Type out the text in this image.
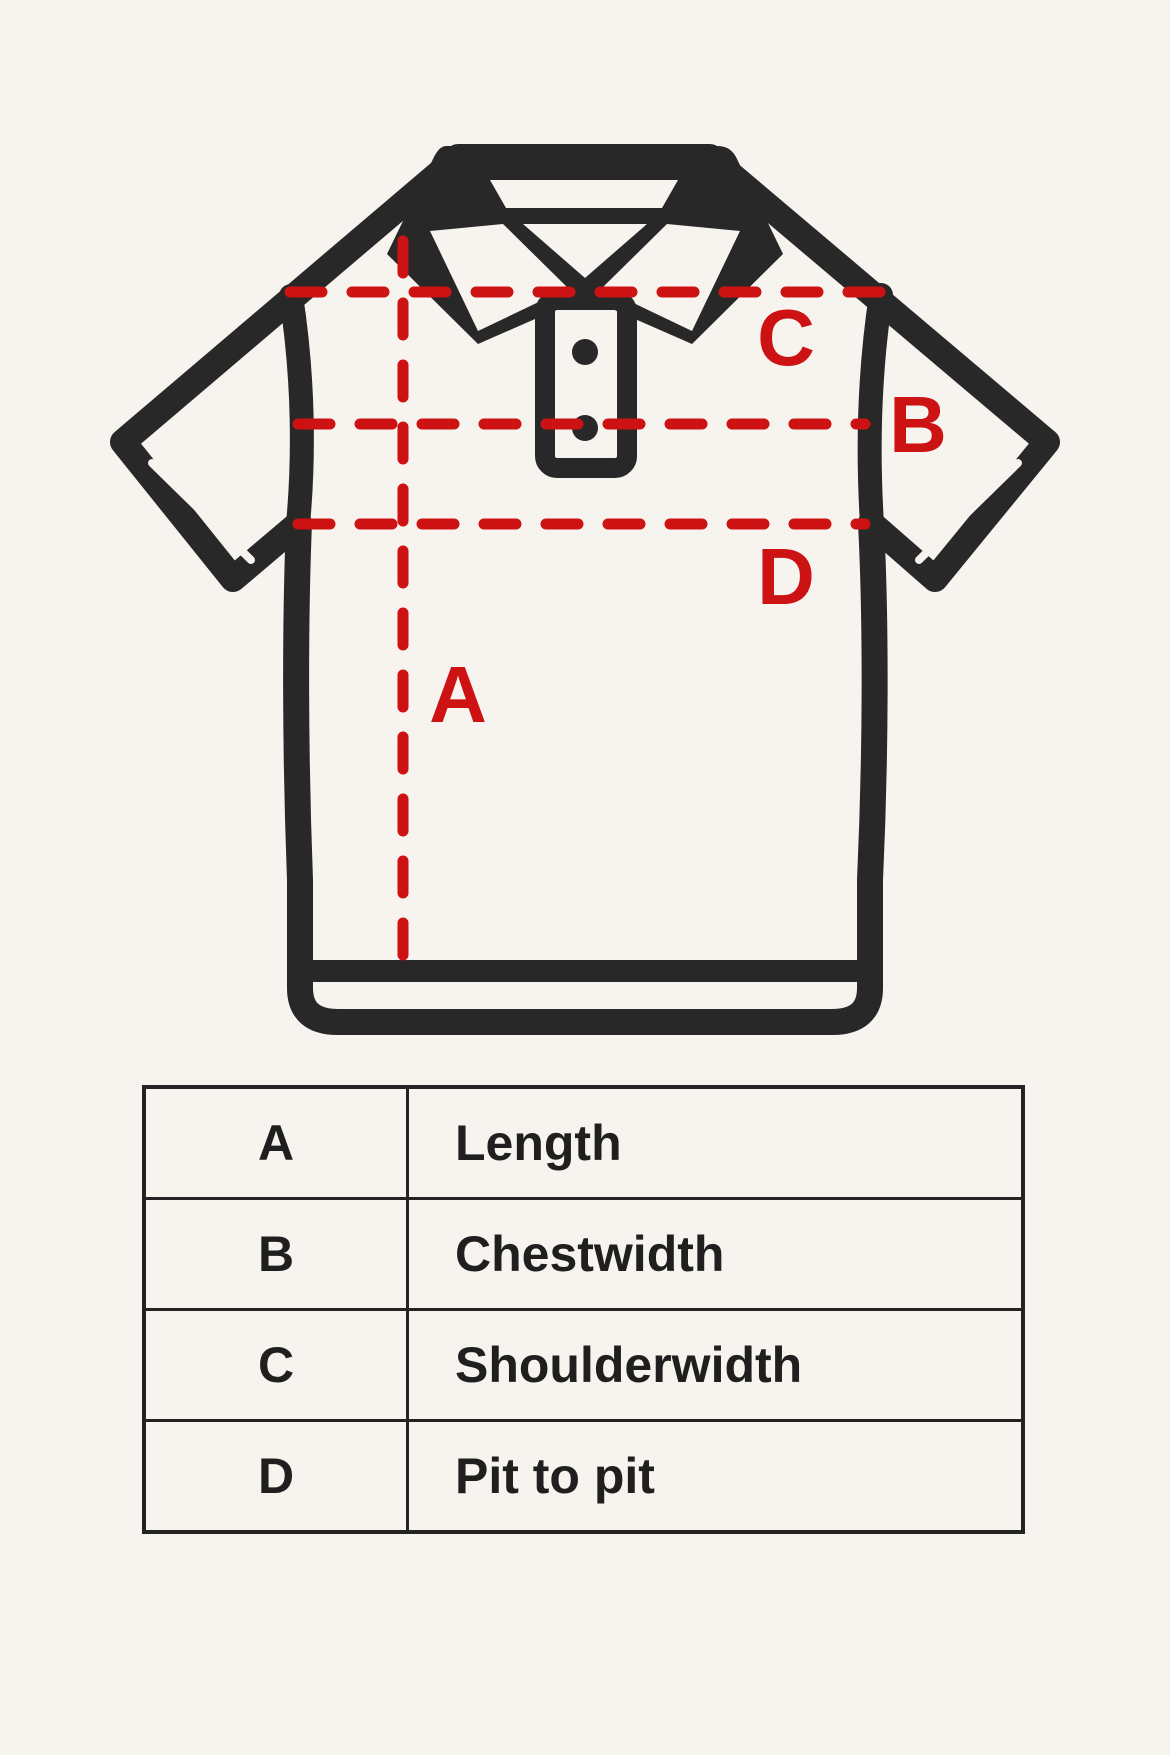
C
B
D
A
A	Length
B	Chestwidth
C	Shoulderwidth
D	Pit to pit
